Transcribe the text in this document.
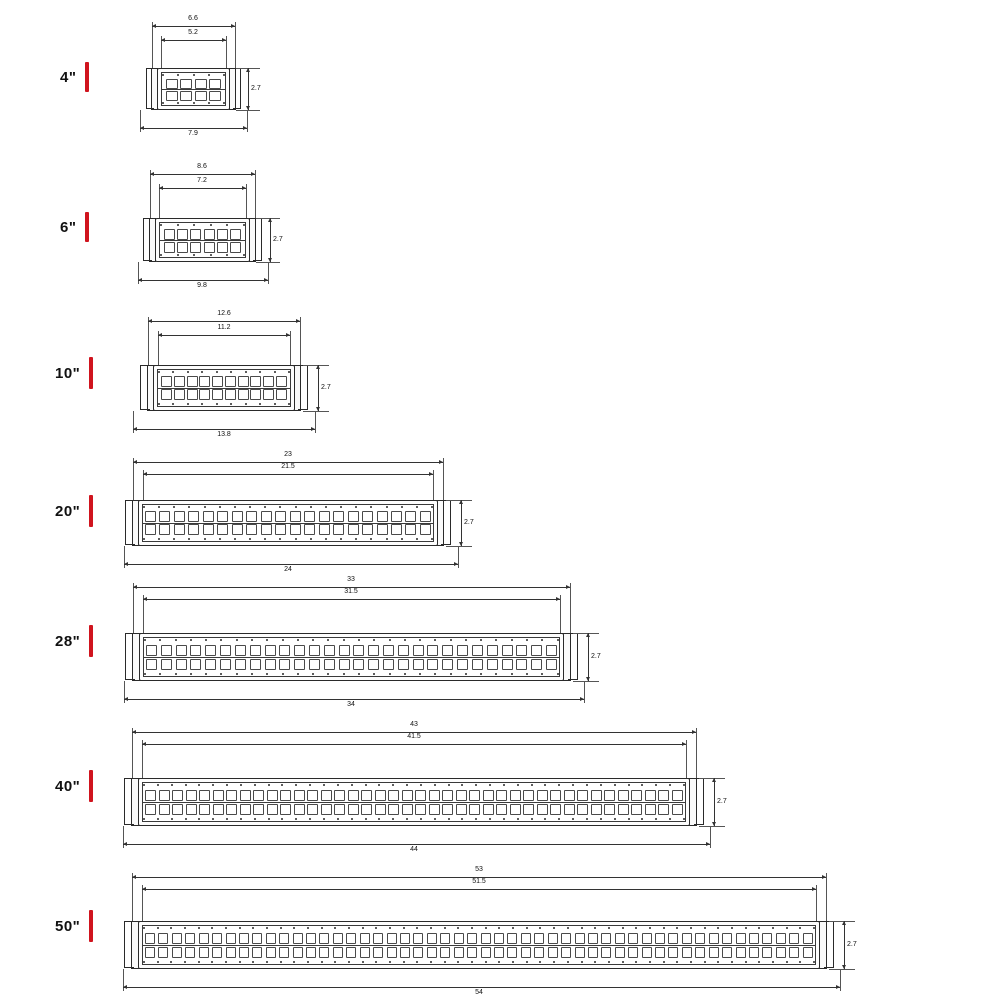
4"
6.6
5.2
2.7
7.9
6"
8.6
7.2
2.7
9.8
10"
12.6
11.2
2.7
13.8
20"
23
21.5
2.7
24
28"
33
31.5
2.7
34
40"
43
41.5
2.7
44
50"
53
51.5
2.7
54
